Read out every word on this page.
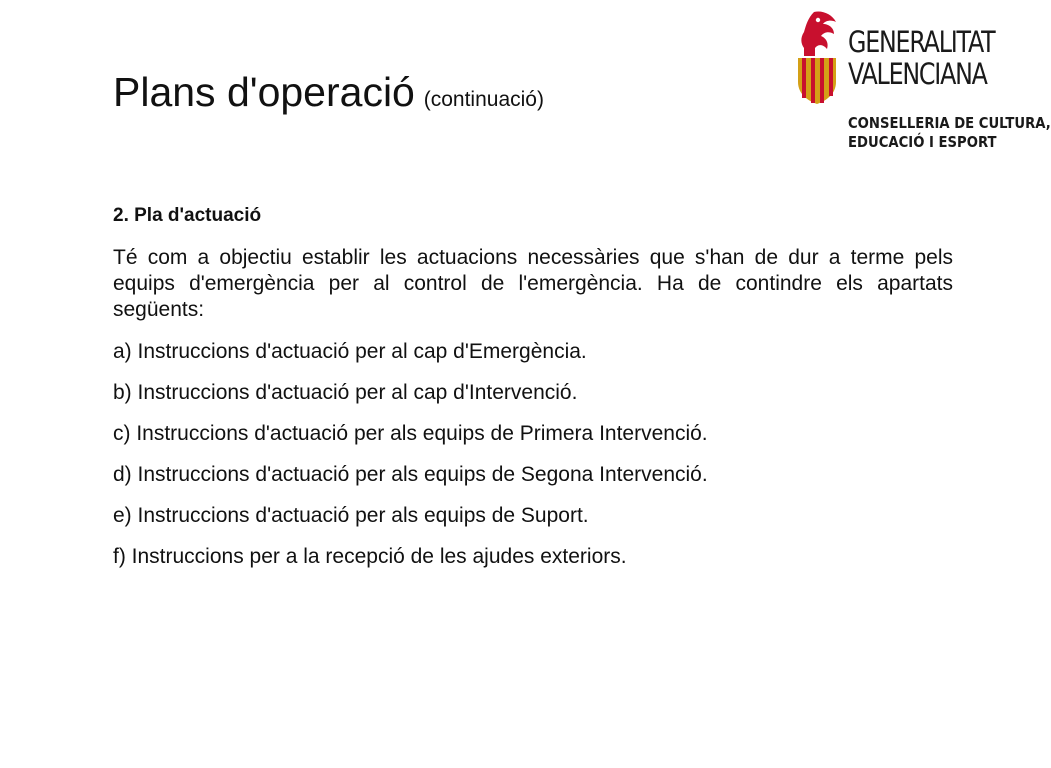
Plans d'operació (continuació)
GENERALITAT
VALENCIANA
CONSELLERIA DE CULTURA,
EDUCACIÓ I ESPORT

2. Pla d'actuació

Té com a objectiu establir les actuacions necessàries que s'han de dur a terme pels equips d'emergència per al control de l'emergència. Ha de contindre els apartats següents:

a) Instruccions d'actuació per al cap d'Emergència.
b) Instruccions d'actuació per al cap d'Intervenció.
c) Instruccions d'actuació per als equips de Primera Intervenció.
d) Instruccions d'actuació per als equips de Segona Intervenció.
e) Instruccions d'actuació per als equips de Suport.
f) Instruccions per a la recepció de les ajudes exteriors.
